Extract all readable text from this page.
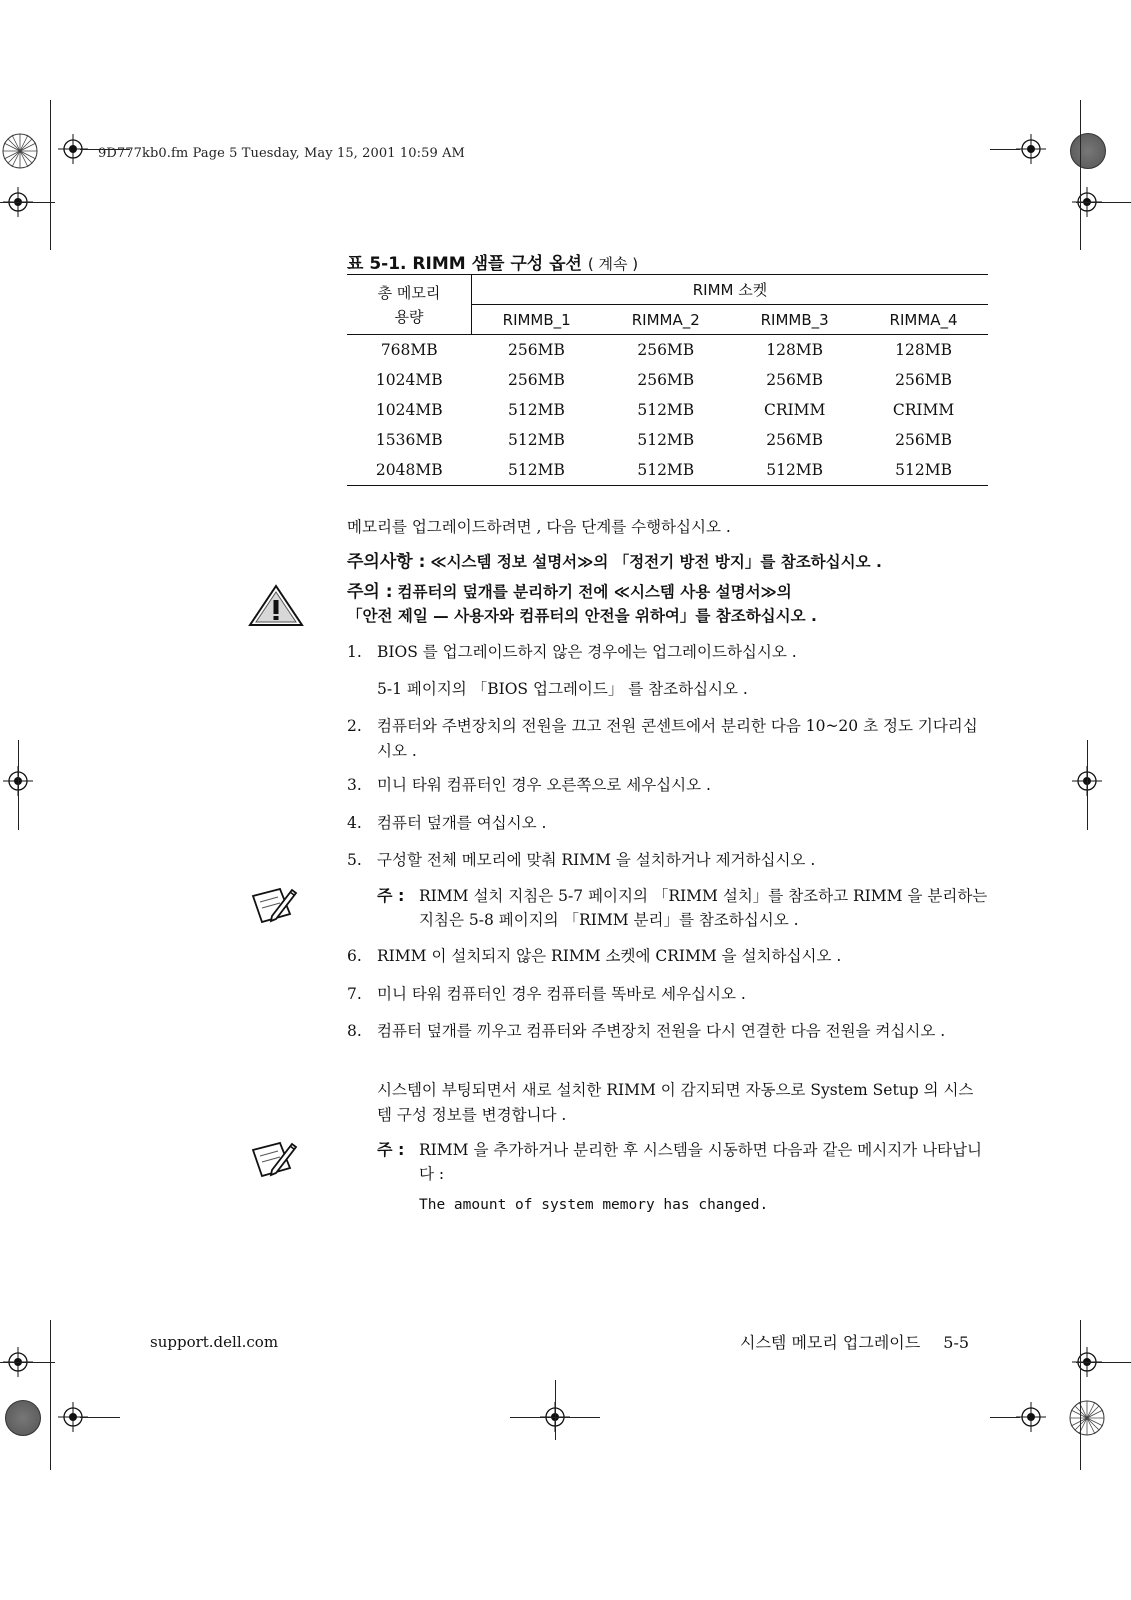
9D777kb0.fm Page 5 Tuesday, May 15, 2001 10:59 AM
표 5-1. RIMM 샘플 구성 옵션 ( 계속 )
총 메모리
용량	RIMM 소켓			
	RIMMB_1	RIMMA_2	RIMMB_3	RIMMA_4
768MB	256MB	256MB	128MB	128MB
1024MB	256MB	256MB	256MB	256MB
1024MB	512MB	512MB	CRIMM	CRIMM
1536MB	512MB	512MB	256MB	256MB
2048MB	512MB	512MB	512MB	512MB
메모리를 업그레이드하려면 , 다음 단계를 수행하십시오 .
주의사항 : ≪시스템 정보 설명서≫의 「정전기 방전 방지」를 참조하십시오 .
주의 : 컴퓨터의 덮개를 분리하기 전에 ≪시스템 사용 설명서≫의
「안전 제일 — 사용자와 컴퓨터의 안전을 위하여」를 참조하십시오 .
1. BIOS 를 업그레이드하지 않은 경우에는 업그레이드하십시오 .
5-1 페이지의 「BIOS 업그레이드」 를 참조하십시오 .
2. 컴퓨터와 주변장치의 전원을 끄고 전원 콘센트에서 분리한 다음 10~20 초 정도 기다리십시오 .
3. 미니 타워 컴퓨터인 경우 오른쪽으로 세우십시오 .
4. 컴퓨터 덮개를 여십시오 .
5. 구성할 전체 메모리에 맞춰 RIMM 을 설치하거나 제거하십시오 .
주 : RIMM 설치 지침은 5-7 페이지의 「RIMM 설치」를 참조하고 RIMM 을 분리하는 지침은 5-8 페이지의 「RIMM 분리」를 참조하십시오 .
6. RIMM 이 설치되지 않은 RIMM 소켓에 CRIMM 을 설치하십시오 .
7. 미니 타워 컴퓨터인 경우 컴퓨터를 똑바로 세우십시오 .
8. 컴퓨터 덮개를 끼우고 컴퓨터와 주변장치 전원을 다시 연결한 다음 전원을 켜십시오 .
시스템이 부팅되면서 새로 설치한 RIMM 이 감지되면 자동으로 System Setup 의 시스템 구성 정보를 변경합니다 .
주 : RIMM 을 추가하거나 분리한 후 시스템을 시동하면 다음과 같은 메시지가 나타납니다 :
The amount of system memory has changed.
support.dell.com	시스템 메모리 업그레이드 5-5
